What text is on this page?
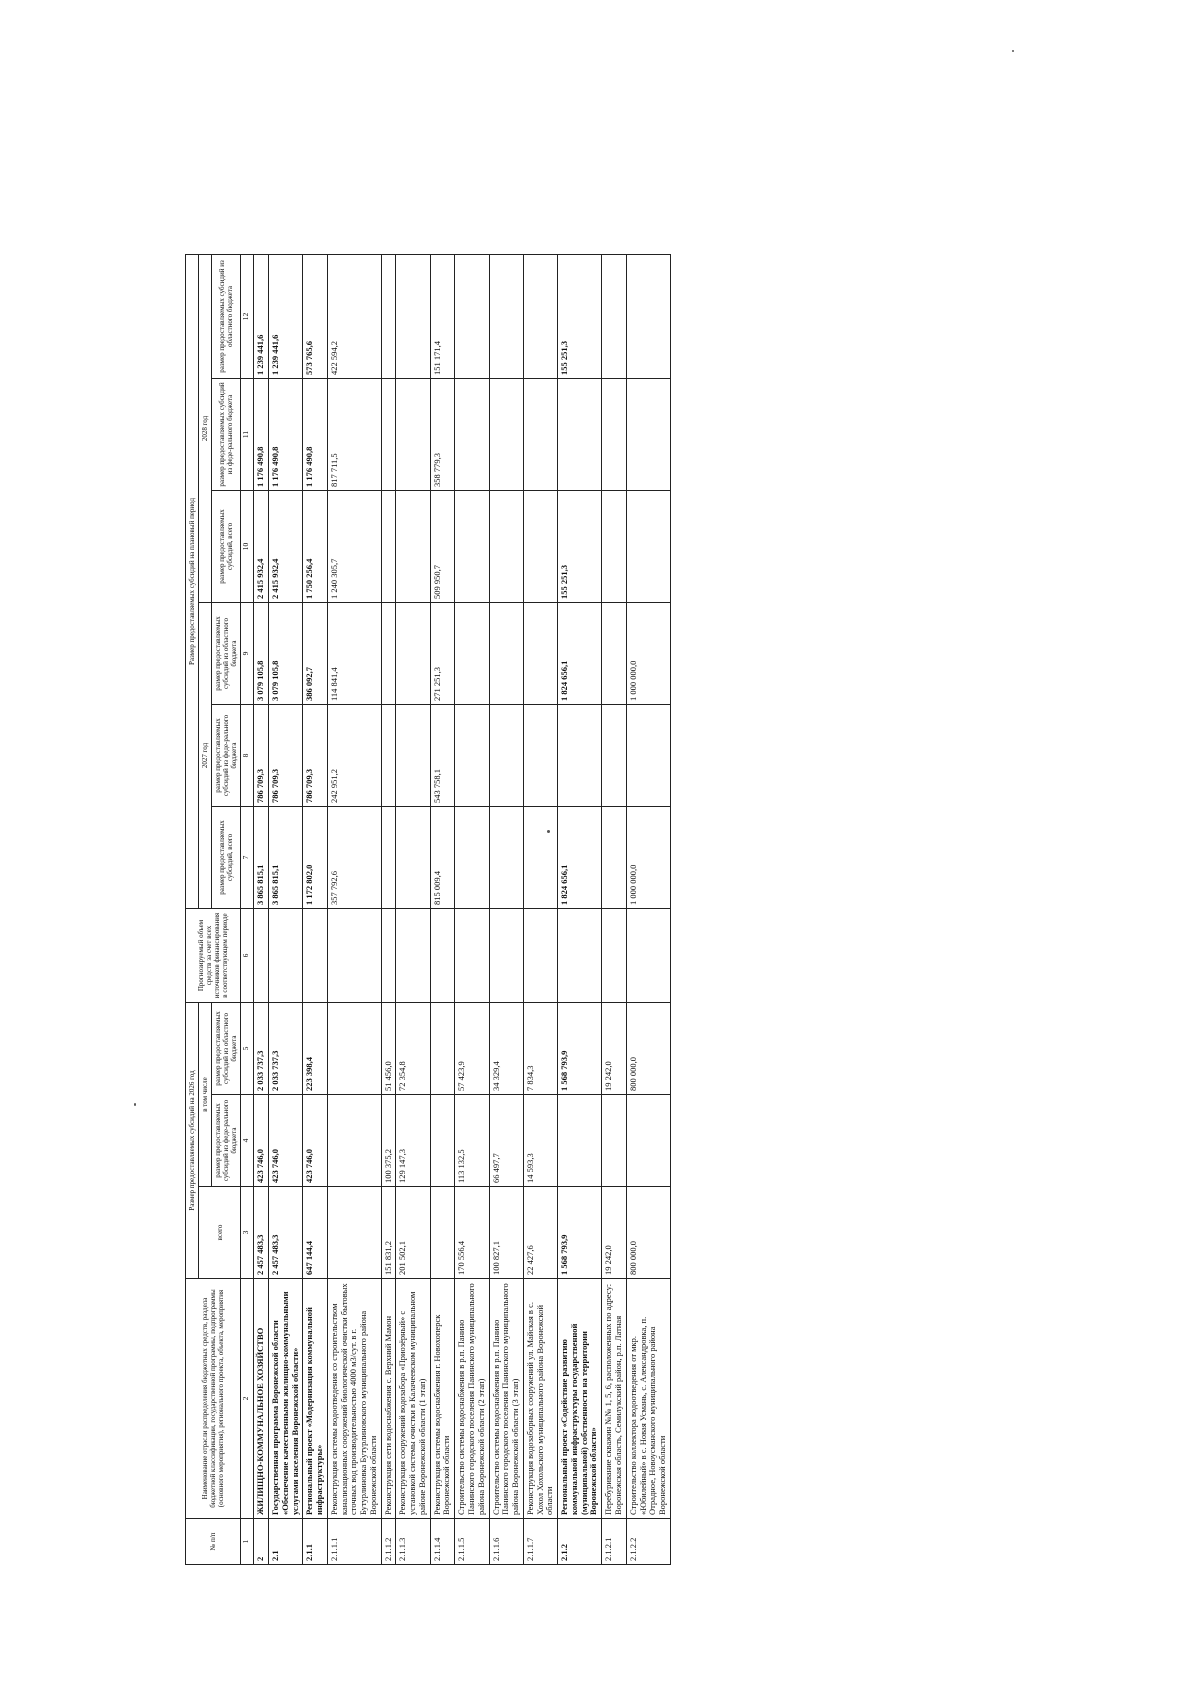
№ п/п	Наименование отрасли распределения бюджетных средств, раздела бюджетной классификации, государственной программы, подпрограммы (основного мероприятия), регионального проекта, объекта, мероприятия	Размер предоставляемых субсидий на 2026 год			Прогнозируемый объем средств за счет всех источников финансирования в соответствующем периоде	Размер предоставляемых субсидий на плановый период					
		всего	в том числе			2027 год			2028 год		
			размер предоставляемых субсидий из феде-рального бюджета	размер предоставляемых субсидий из областного бюджета		размер предоставляемых субсидий, всего	размер предоставляемых субсидий из феде-рального бюджета	размер предоставляемых субсидий из областного бюджета	размер предоставляемых субсидий, всего	размер предоставляемых субсидий из феде-рального бюджета	размер предоставляемых субсидий из областного бюджета
1	2	3	4	5	6	7	8	9	10	11	12
2	ЖИЛИЩНО-КОММУНАЛЬНОЕ ХОЗЯЙСТВО	2 457 483,3	423 746,0	2 033 737,3		3 865 815,1	786 709,3	3 079 105,8	2 415 932,4	1 176 490,8	1 239 441,6
2.1	Государственная программа Воронежской области «Обеспечение качественными жилищно-коммунальными услугами населения Воронежской области»	2 457 483,3	423 746,0	2 033 737,3		3 865 815,1	786 709,3	3 079 105,8	2 415 932,4	1 176 490,8	1 239 441,6
2.1.1	Региональный проект «Модернизация коммунальной инфраструктуры»	647 144,4	423 746,0	223 398,4		1 172 802,0	786 709,3	386 092,7	1 750 256,4	1 176 490,8	573 765,6
2.1.1.1	Реконструкция системы водоотведения со строительством канализационных сооружений биологической очистки бытовых сточных вод производительностью 4000 м3/сут. в г. Бутурлиновка Бутурлиновского муниципального района Воронежской области					357 792,6	242 951,2	114 841,4	1 240 305,7	817 711,5	422 594,2
2.1.1.2	Реконструкция сети водоснабжения с. Верхний Мамон	151 831,2	100 375,2	51 456,0							
2.1.1.3	Реконструкция сооружений водозабора «Приозёрный» с установкой системы очистки в Калачеевском муниципальном районе Воронежской области (1 этап)	201 502,1	129 147,3	72 354,8							
2.1.1.4	Реконструкция системы водоснабжения г. Новохоперск Воронежской области					815 009,4	543 758,1	271 251,3	509 950,7	358 779,3	151 171,4
2.1.1.5	Строительство системы водоснабжения в р.п. Панино Панинского городского поселения Панинского муниципального района Воронежской области (2 этап)	170 556,4	113 132,5	57 423,9							
2.1.1.6	Строительство системы водоснабжения в р.п. Панино Панинского городского поселения Панинского муниципального района Воронежской области (3 этап)	100 827,1	66 497,7	34 329,4							
2.1.1.7	Реконструкция водозаборных сооружений ул. Майская в с. Хохол Хохольского муниципального района Воронежской области	22 427,6	14 593,3	7 834,3							
2.1.2	Региональный проект «Содействие развитию коммунальной инфраструктуры государственной (муниципальной) собственности на территории Воронежской области»	1 568 793,9		1 568 793,9		1 824 656,1		1 824 656,1	155 251,3		155 251,3
2.1.2.1	Перебуривание скважин №№ 1, 5, 6, расположенных по адресу: Воронежская область, Семилукский район, р.п. Латная	19 242,0		19 242,0							
2.1.2.2	Строительство коллектора водоотведения от мкр. «Юбилейный» в с. Новая Усмань, с. Александровка, п. Отрадное, Новоусманского муниципального района Воронежской области	800 000,0		800 000,0		1 000 000,0		1 000 000,0			
